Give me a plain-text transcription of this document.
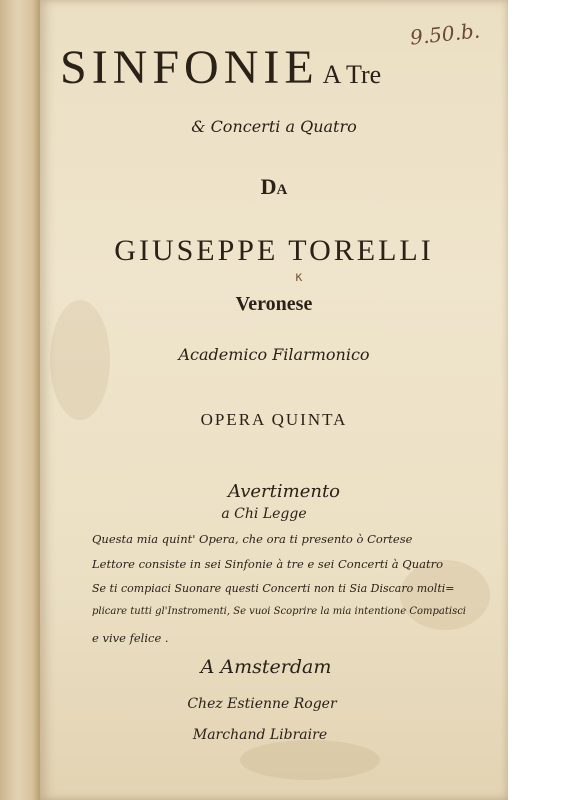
9.50.b.
SINFONIE A Tre
& Concerti a Quatro
Da
GIUSEPPE TORELLI
κ
Veronese
Academico Filarmonico
OPERA QUINTA
Avertimento
a Chi Legge
Questa mia quint' Opera, che ora ti presento ò Cortese
Lettore consiste in sei Sinfonie à tre e sei Concerti à Quatro
Se ti compiaci Suonare questi Concerti non ti Sia Discaro molti=
plicare tutti gl'Instromenti, Se vuoi Scoprire la mia intentione Compatisci
e vive felice .
A Amsterdam
Chez Estienne Roger
Marchand Libraire
